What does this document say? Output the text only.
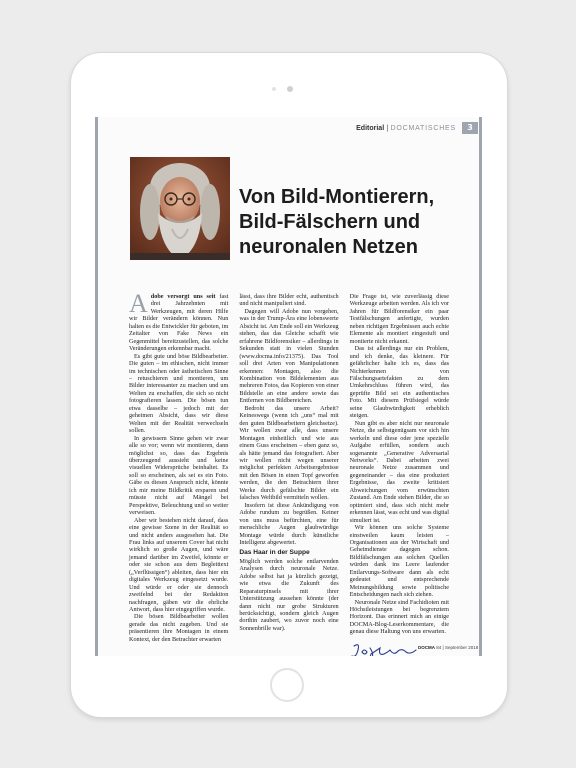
Editorial | DOCMATISCHES	3
Von Bild-Montierern, Bild-Fälschern und neuronalen Netzen

Adobe versorgt uns seit fast drei Jahrzehnten mit Werkzeugen, mit deren Hilfe wir Bilder verändern können. Nun halten es die Entwickler für geboten, im Zeitalter von Fake News ein Gegenmittel bereitzustellen, das solche Veränderungen erkennbar macht.

Es gibt gute und böse Bildbearbeiter. Die guten – im ethischen, nicht immer im technischen oder ästhetischen Sinne – retuschieren und montieren, um Bilder interessanter zu machen und um Welten zu erschaffen, die sich so nicht fotografieren lassen. Die bösen tun etwa dasselbe – jedoch mit der geheimen Absicht, dass wir diese Welten mit der Realität verwechseln sollen.

In gewissem Sinne gehen wir zwar alle so vor; wenn wir montieren, dann möglichst so, dass das Ergebnis überzeugend aussieht und keine visuellen Widersprüche beinhaltet. Es soll so erscheinen, als sei es ein Foto. Gäbe es diesen Anspruch nicht, könnte ich mir meine Bildkritik ersparen und müsste nicht auf Mängel bei Perspektive, Beleuchtung und so weiter verweisen.

Aber wir bestehen nicht darauf, dass eine gewisse Szene in der Realität so und nicht anders ausgesehen hat. Die Frau links auf unserem Cover hat nicht wirklich so große Augen, und wäre jemand darüber im Zweifel, könnte er oder sie schon aus dem Begleittext („Verflüssigen“) ableiten, dass hier ein digitales Werkzeug eingesetzt wurde. Und würde er oder sie dennoch zweifelnd bei der Redaktion nachfragen, gäben wir die ehrliche Antwort, dass hier eingegriffen wurde.

Die bösen Bildbearbeiter wollen gerade das nicht zugeben. Und sie präsentieren ihre Montagen in einem Kontext, der den Betrachter erwarten

lässt, dass ihre Bilder echt, authentisch und nicht manipuliert sind.

Dagegen will Adobe nun vorgehen, was in der Trump-Ära eine lobenswerte Absicht ist. Am Ende soll ein Werkzeug stehen, das das Gleiche schafft wie erfahrene Bildforensiker – allerdings in Sekunden statt in vielen Stunden (www.docma.info/21375). Das Tool soll drei Arten von Manipulationen erkennen: Montagen, also die Kombination von Bildelementen aus mehreren Fotos, das Kopieren von einer Bildstelle an eine andere sowie das Entfernen von Bildbereichen.

Bedroht das unsere Arbeit? Keineswegs (wenn ich „uns“ mal mit den guten Bildbearbeitern gleichsetze). Wir wollen zwar alle, dass unsere Montagen einheitlich und wie aus einem Guss erscheinen – eben ganz so, als hätte jemand das fotografiert. Aber wir wollen nicht wegen unserer möglichst perfekten Arbeitsergebnisse mit den Bösen in einen Topf geworfen werden, die den Betrachtern ihrer Werke durch gefälschte Bilder ein falsches Weltbild vermitteln wollen.

Insofern ist diese Ankündigung von Adobe rundum zu begrüßen. Keiner von uns muss befürchten, eine für menschliche Augen glaubwürdige Montage würde durch künstliche Intelligenz abgewertet.

Das Haar in der Suppe

Möglich werden solche entlarvenden Analysen durch neuronale Netze. Adobe selbst hat ja kürzlich gezeigt, wie etwa die Zukunft des Reparaturpinsels mit ihrer Unterstützung aussehen könnte (der dann nicht nur grobe Strukturen berücksichtigt, sondern gleich Augen dorthin zaubert, wo zuvor noch eine Sonnenbrille war).

Die Frage ist, wie zuverlässig diese Werkzeuge arbeiten werden. Als ich vor Jahren für Bildforensiker ein paar Testfälschungen anfertigte, wurden neben richtigen Ergebnissen auch echte Elemente als montiert eingestuft und montierte nicht erkannt.

Das ist allerdings nur ein Problem, und ich denke, das kleinere. Für gefährlicher halte ich es, dass das Nichterkennen von Fälschungsartefakten zu dem Umkehrschluss führen wird, das geprüfte Bild sei ein authentisches Foto. Mit diesem Prüfsiegel würde seine Glaubwürdigkeit erheblich steigen.

Nun gibt es aber nicht nur neuronale Netze, die selbstgenügsam vor sich hin werkeln und diese oder jene spezielle Aufgabe erfüllen, sondern auch sogenannte „Generative Adversarial Networks“. Dabei arbeiten zwei neuronale Netze zusammen und gegeneinander – das eine produziert Ergebnisse, das zweite kritisiert Abweichungen vom erwünschten Zustand. Am Ende stehen Bilder, die so optimiert sind, dass sich nicht mehr erkennen lässt, was echt und was digital simuliert ist.

Wir können uns solche Systeme einstweilen kaum leisten – Organisationen aus der Wirtschaft und Geheimdienste dagegen schon. Bildfälschungen aus solchen Quellen würden dank ins Leere laufender Entlarvungs-Software dann als echt gedeutet und entsprechende Meinungsbildung sowie politische Entscheidungen nach sich ziehen.

Neuronale Netze sind Fachidioten mit Höchstleistungen bei begrenztem Horizont. Das erinnert mich an einige DOCMA-Blog-Leserkommentare, die genau diese Haltung von uns erwarten.

DOCMA 84 | September 2018
